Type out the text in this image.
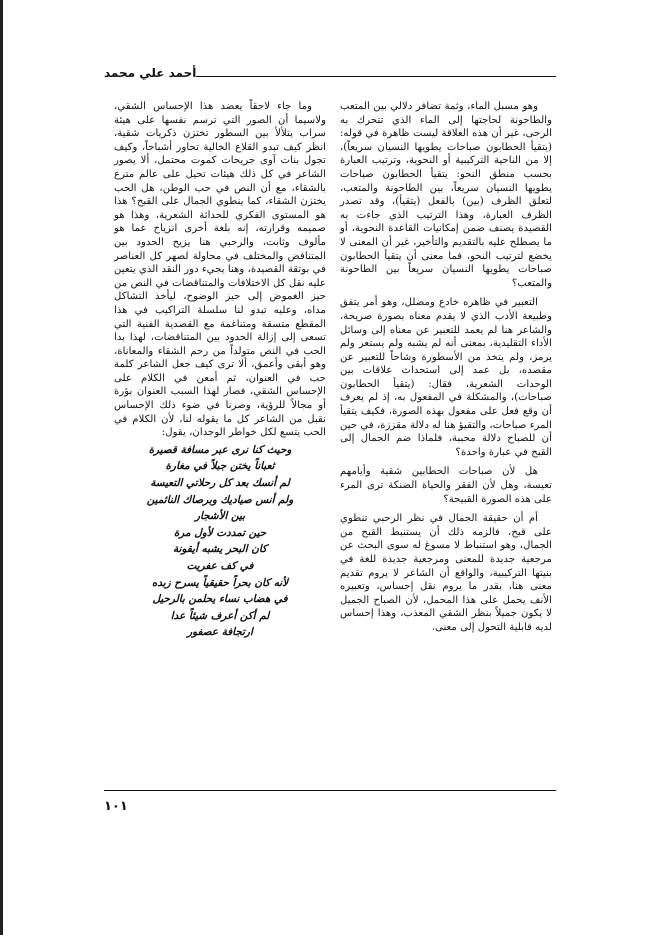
أحمد علي محمد

وهو مسبل الماء، وثمة تضافر دلالي بين المتعب والطاحونة لحاجتها إلى الماء الذي تتحرك به الرحى، غير أن هذه العلاقة ليست ظاهرة في قوله: (يتقيأ الحطابون صباحات يطويها النسيان سريعاً)، إلا من الناحية التركيبية أو النحوية، وترتيب العبارة بحسب منطق النحو: يتقيأ الحطابون صباحات يطويها النسيان سريعاً، بين الطاحونة والمتعب، لتعلق الظرف (بين) بالفعل (يتقيأ)، وقد تصدر الظرف العبارة، وهذا الترتيب الذي جاءت به القصيدة يصنف ضمن إمكانيات القاعدة النحوية، أو ما يصطلح عليه بالتقديم والتأخير، غير أن المعنى لا يخضع لترتيب النحو، فما معنى أن يتقيأ الحطابون صباحات يطويها النسيان سريعاً بين الطاحونة والمتعب؟

التعبير في ظاهره خادع ومضلل، وهو أمر يتفق وطبيعة الأدب الذي لا يقدم معناه بصورة صريحة، والشاعر هنا لم يعمد للتعبير عن معناه إلى وسائل الأداء التقليدية، بمعنى أنه لم يشبه ولم يستعر ولم يرمز، ولم يتخذ من الأسطورة وشاحاً للتعبير عن مقصده، بل عمد إلى استحداث علاقات بين الوحدات الشعرية، فقال: (يتقيأ الحطابون صباحات)، والمشكلة في المفعول به، إذ لم يعرف أن وقع فعل على مفعول بهذه الصورة، فكيف يتقيأ المرء صباحات، والتقيؤ هنا له دلالة مقززة، في حين أن للصباح دلالة محببة، فلماذا ضم الجمال إلى القبح في عبارة واحدة؟

هل لأن صباحات الحطابين شقية وأيامهم تعيسة، وهل لأن الفقر والحياة الضنكة ترى المرء على هذه الصورة القبيحة؟

أم أن حقيقة الجمال في نظر الرحبي تنطوي على قبح، فالزمه ذلك أن يستنبط القبح من الجمال، وهو استنباط لا مسوغ له سوى البحث عن مرجعية جديدة للمعنى ومرجعية جديدة للغة في بنيتها التركيبية، والواقع أن الشاعر لا يروم تقديم معنى هنا، بقدر ما يروم نقل إحساس، وتعبيره الأنف يحمل على هذا المحمل، لأن الصباح الجميل لا يكون جميلاً بنظر الشقي المعذب، وهذا إحساس لديه قابلية التحول إلى معنى.

وما جاء لاحقاً يعضد هذا الإحساس الشقي، ولاسيما أن الصور التي ترسم نفسها على هيئة سراب يتلألأ بين السطور تختزن ذكريات شقية، انظر كيف تبدو القلاع الخالية تحاور أشباحاً، وكيف تجول بنات آوى جريحات كموت محتمل، ألا يصور الشاعر في كل ذلك هيئات تحيل على عالم مترع بالشقاء، مع أن النص في حب الوطن، هل الحب يختزن الشقاء، كما ينطوي الجمال على القبح؟ هذا هو المستوى الفكري للحداثة الشعرية، وهذا هو صميمه وقرارته، إنه بلغة أخرى انزياح عما هو مألوف وثابت، والرحبي هنا يزيح الحدود بين المتناقض والمختلف في محاولة لصهر كل العناصر في بوتقة القصيدة، وهنا يجيء دور النقد الذي يتعين عليه نقل كل الاختلافات والمتناقضات في النص من حيز الغموض إلى حيز الوضوح، ليأخذ التشاكل مداه، وعليه تبدو لنا سلسلة التراكيب في هذا المقطع متسقة ومتناغمة مع القصدية الفنية التي تسعى إلى إزالة الحدود بين المتناقضات، لهذا بدا الحب في النص متولداً من رحم الشقاء والمعاناة، وهو أبقى وأعمق، ألا ترى كيف جعل الشاعر كلمة حب في العنوان، ثم أمعن في الكلام على الإحساس الشقي، فصار لهذا السبب العنوان بؤرة أو مجالاً للرؤية، وصرنا في ضوء ذلك الإحساس نقبل من الشاعر كل ما يقوله لنا، لأن الكلام في الحب يتسع لكل خواطر الوجدان، يقول:

وحيث كنا نرى عبر مسافة قصيرة
ثعباناً يختن جبلاً في مغارة
لم أنسك بعد كل رحلاتي التعيسة
ولم أنس صياديك وبرصاك النائمين
بين الأشجار
حين تمددت لأول مرة
كان البحر يشبه أيقونة
في كف عفريت
لأنه كان بحراً حقيقياً يسرح زبده
في هضاب نساء يحلمن بالرحيل
لم أكن أعرف شيئاً عدا
ارتجافة عصفور
١٠١
